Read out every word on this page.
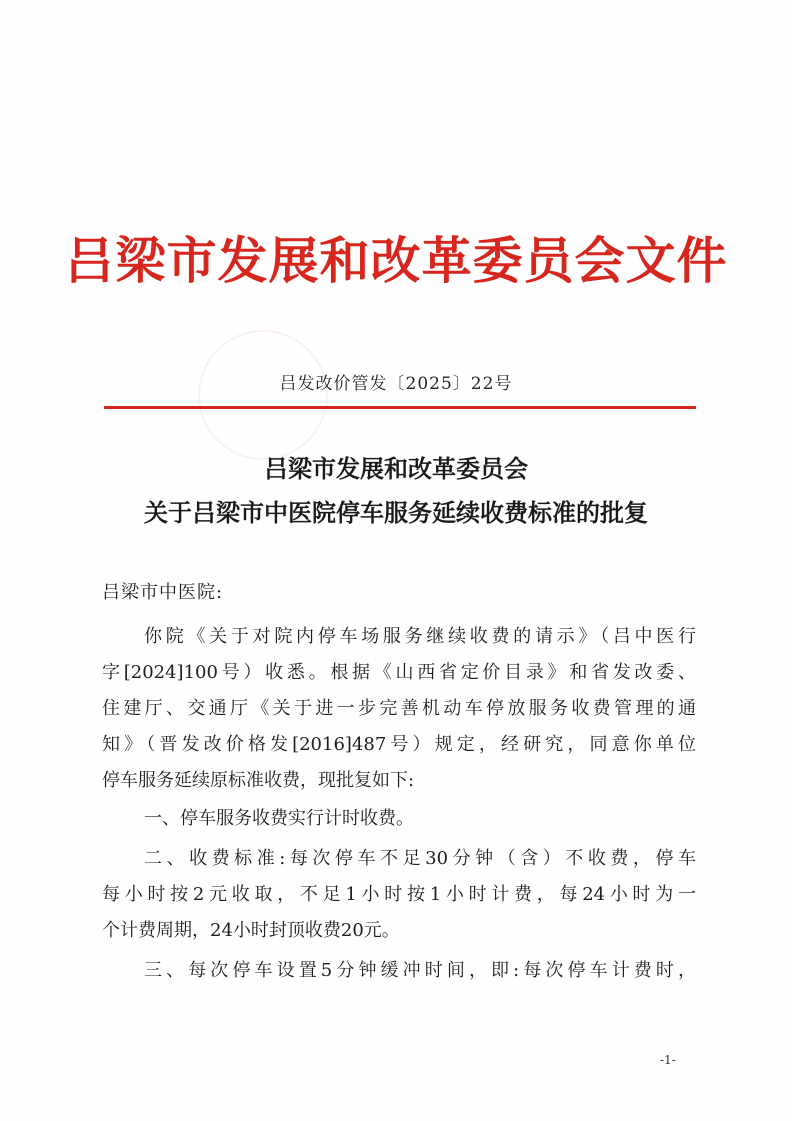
吕梁市发展和改革委员会文件
吕发改价管发〔2025〕22号
吕梁市发展和改革委员会
关于吕梁市中医院停车服务延续收费标准的批复
吕梁市中医院:
你院《关于对院内停车场服务继续收费的请示》（吕中医行
字[2024]100号）收悉。根据《山西省定价目录》和省发改委、
住建厅、交通厅《关于进一步完善机动车停放服务收费管理的通
知》（晋发改价格发[2016]487号）规定，经研究，同意你单位
停车服务延续原标准收费，现批复如下:
一、停车服务收费实行计时收费。
二、收费标准:每次停车不足30分钟（含）不收费，停车
每小时按2元收取，不足1小时按1小时计费，每24小时为一
个计费周期，24小时封顶收费20元。
三、每次停车设置5分钟缓冲时间，即:每次停车计费时，
-1-
